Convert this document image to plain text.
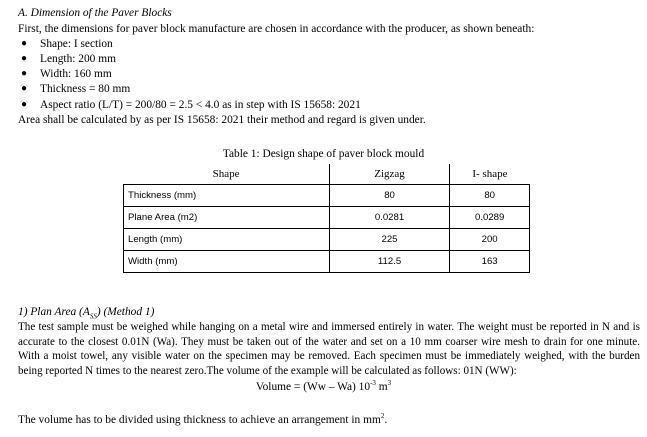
A. Dimension of the Paver Blocks
First, the dimensions for paver block manufacture are chosen in accordance with the producer, as shown beneath:
● Shape: I section
● Length: 200 mm
● Width: 160 mm
● Thickness = 80 mm
● Aspect ratio (L/T) = 200/80 = 2.5 < 4.0 as in step with IS 15658: 2021
Area shall be calculated by as per IS 15658: 2021 their method and regard is given under.
Table 1: Design shape of paver block mould
Shape	Zigzag	I- shape
Thickness (mm)	80	80
Plane Area (m2)	0.0281	0.0289
Length (mm)	225	200
Width (mm)	112.5	163
1) Plan Area $(A_{SS})$ (Method 1)
The test sample must be weighed while hanging on a metal wire and immersed entirely in water. The weight must be reported in N and is accurate to the closest 0.01N (Wa). They must be taken out of the water and set on a 10 mm coarser wire mesh to drain for one minute. With a moist towel, any visible water on the specimen may be removed. Each specimen must be immediately weighed, with the burden being reported N times to the nearest zero.The volume of the example will be calculated as follows: 01N (WW):
Volume = (Ww – Wa) $10^{-3}$ $m^3$
The volume has to be divided using thickness to achieve an arrangement in $mm^2$.
